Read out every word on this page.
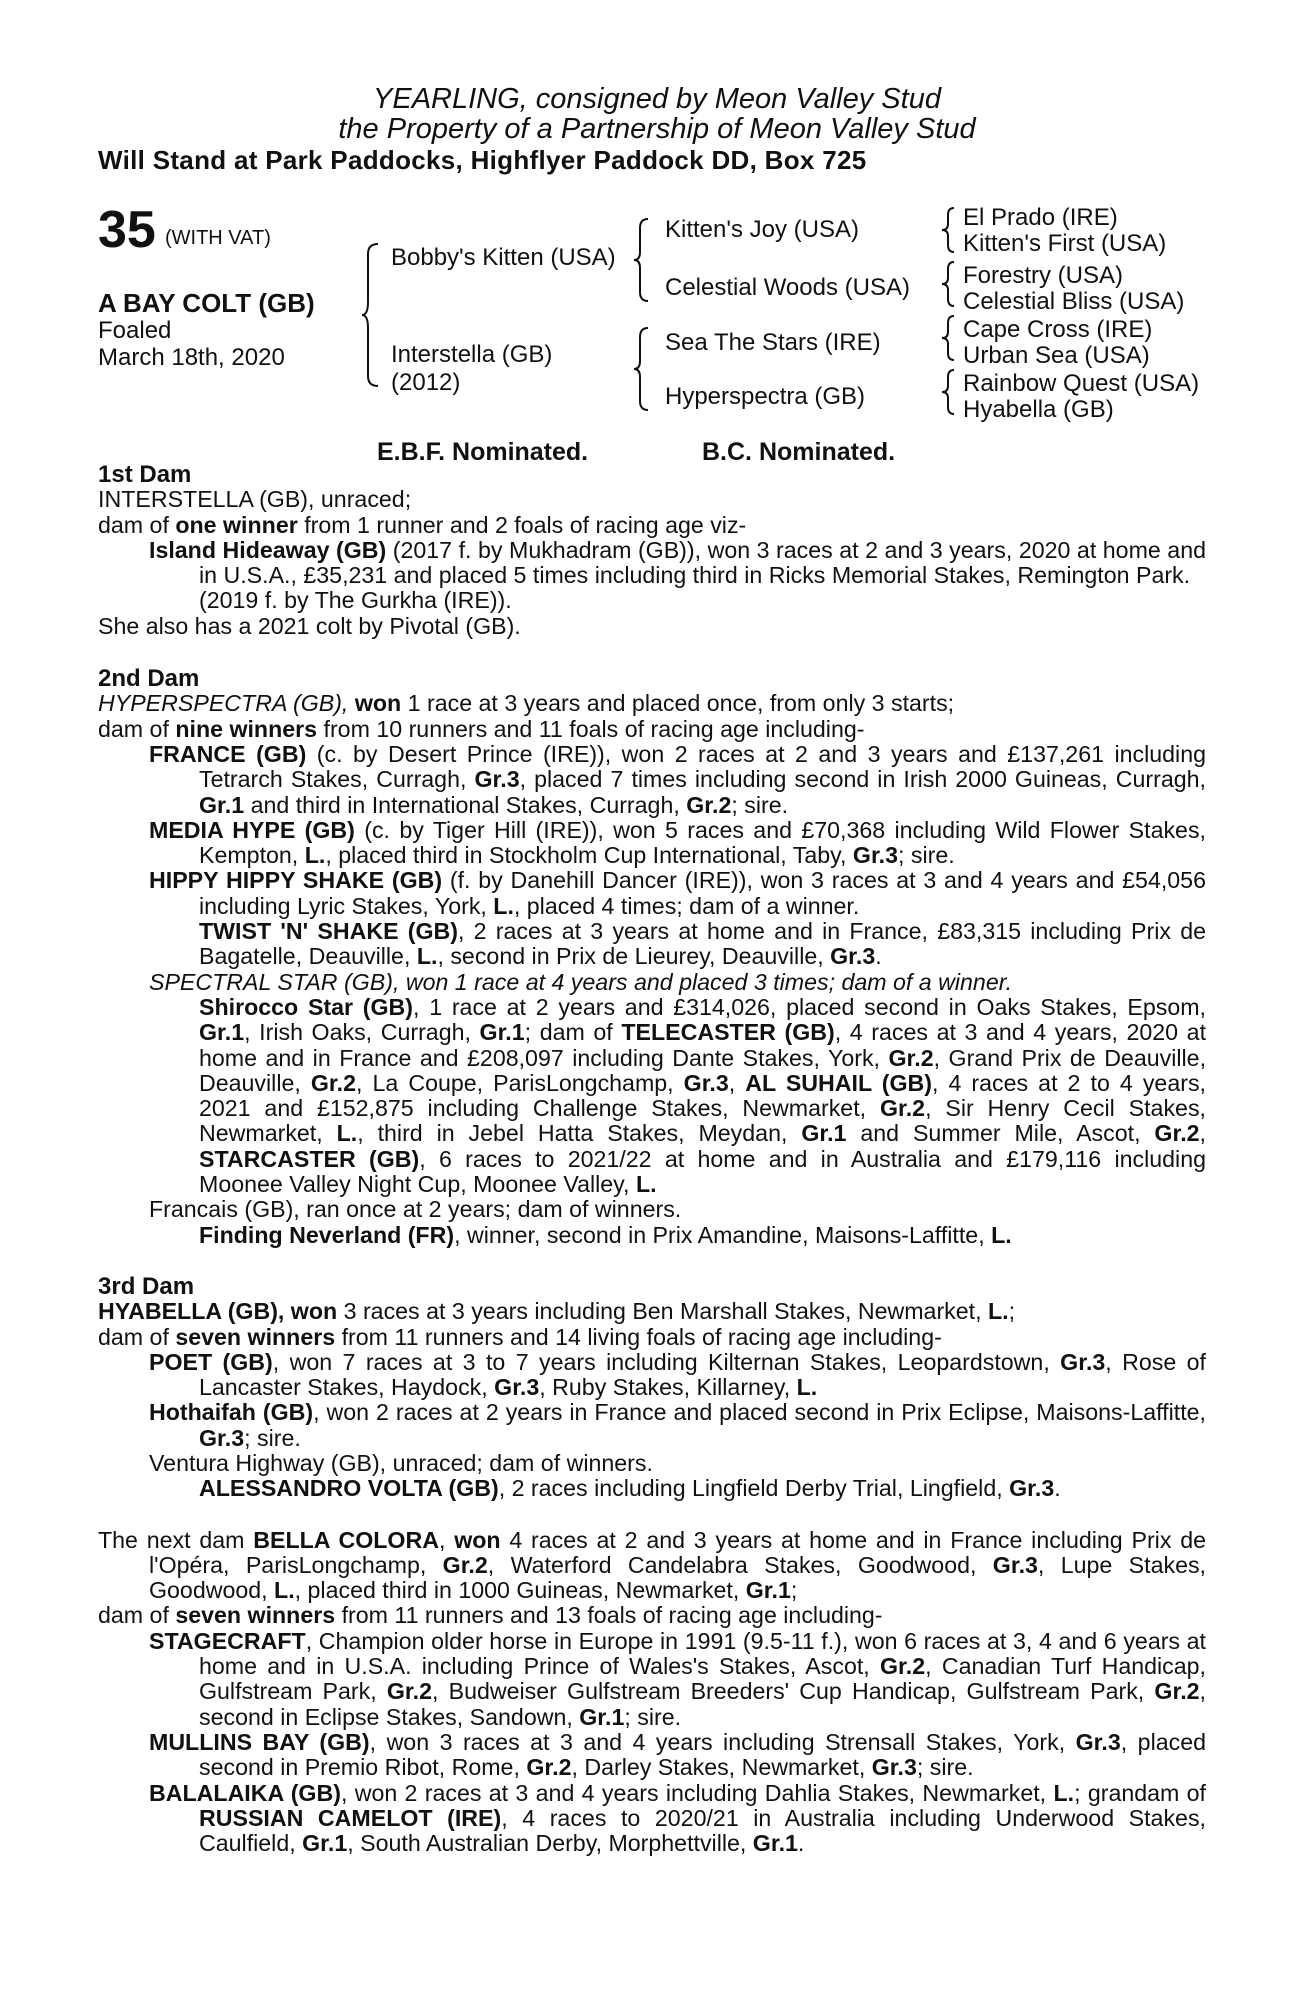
YEARLING, consigned by Meon Valley Stud
the Property of a Partnership of Meon Valley Stud
Will Stand at Park Paddocks, Highflyer Paddock DD, Box 725
35 (WITH VAT)
A BAY COLT (GB)
Foaled
March 18th, 2020
Bobby's Kitten (USA)
Interstella (GB)
(2012)
Kitten's Joy (USA)
Celestial Woods (USA)
Sea The Stars (IRE)
Hyperspectra (GB)
El Prado (IRE)
Kitten's First (USA)
Forestry (USA)
Celestial Bliss (USA)
Cape Cross (IRE)
Urban Sea (USA)
Rainbow Quest (USA)
Hyabella (GB)
E.B.F. Nominated.	B.C. Nominated.

1st Dam

INTERSTELLA (GB), unraced;

dam of one winner from 1 runner and 2 foals of racing age viz-

Island Hideaway (GB) (2017 f. by Mukhadram (GB)), won 3 races at 2 and 3 years, 2020 at home and in U.S.A., £35,231 and placed 5 times including third in Ricks Memorial Stakes, Remington Park.

(2019 f. by The Gurkha (IRE)).

She also has a 2021 colt by Pivotal (GB).

2nd Dam

HYPERSPECTRA (GB), won 1 race at 3 years and placed once, from only 3 starts;

dam of nine winners from 10 runners and 11 foals of racing age including-

FRANCE (GB) (c. by Desert Prince (IRE)), won 2 races at 2 and 3 years and £137,261 including Tetrarch Stakes, Curragh, Gr.3, placed 7 times including second in Irish 2000 Guineas, Curragh, Gr.1 and third in International Stakes, Curragh, Gr.2; sire.

MEDIA HYPE (GB) (c. by Tiger Hill (IRE)), won 5 races and £70,368 including Wild Flower Stakes, Kempton, L., placed third in Stockholm Cup International, Taby, Gr.3; sire.

HIPPY HIPPY SHAKE (GB) (f. by Danehill Dancer (IRE)), won 3 races at 3 and 4 years and £54,056 including Lyric Stakes, York, L., placed 4 times; dam of a winner.

TWIST 'N' SHAKE (GB), 2 races at 3 years at home and in France, £83,315 including Prix de Bagatelle, Deauville, L., second in Prix de Lieurey, Deauville, Gr.3.

SPECTRAL STAR (GB), won 1 race at 4 years and placed 3 times; dam of a winner.

Shirocco Star (GB), 1 race at 2 years and £314,026, placed second in Oaks Stakes, Epsom, Gr.1, Irish Oaks, Curragh, Gr.1; dam of TELECASTER (GB), 4 races at 3 and 4 years, 2020 at home and in France and £208,097 including Dante Stakes, York, Gr.2, Grand Prix de Deauville, Deauville, Gr.2, La Coupe, ParisLongchamp, Gr.3, AL SUHAIL (GB), 4 races at 2 to 4 years, 2021 and £152,875 including Challenge Stakes, Newmarket, Gr.2, Sir Henry Cecil Stakes, Newmarket, L., third in Jebel Hatta Stakes, Meydan, Gr.1 and Summer Mile, Ascot, Gr.2, STARCASTER (GB), 6 races to 2021/22 at home and in Australia and £179,116 including Moonee Valley Night Cup, Moonee Valley, L.

Francais (GB), ran once at 2 years; dam of winners.

Finding Neverland (FR), winner, second in Prix Amandine, Maisons-Laffitte, L.

3rd Dam

HYABELLA (GB), won 3 races at 3 years including Ben Marshall Stakes, Newmarket, L.;

dam of seven winners from 11 runners and 14 living foals of racing age including-

POET (GB), won 7 races at 3 to 7 years including Kilternan Stakes, Leopardstown, Gr.3, Rose of Lancaster Stakes, Haydock, Gr.3, Ruby Stakes, Killarney, L.

Hothaifah (GB), won 2 races at 2 years in France and placed second in Prix Eclipse, Maisons-Laffitte, Gr.3; sire.

Ventura Highway (GB), unraced; dam of winners.

ALESSANDRO VOLTA (GB), 2 races including Lingfield Derby Trial, Lingfield, Gr.3.

The next dam BELLA COLORA, won 4 races at 2 and 3 years at home and in France including Prix de l'Opéra, ParisLongchamp, Gr.2, Waterford Candelabra Stakes, Goodwood, Gr.3, Lupe Stakes, Goodwood, L., placed third in 1000 Guineas, Newmarket, Gr.1;

dam of seven winners from 11 runners and 13 foals of racing age including-

STAGECRAFT, Champion older horse in Europe in 1991 (9.5-11 f.), won 6 races at 3, 4 and 6 years at home and in U.S.A. including Prince of Wales's Stakes, Ascot, Gr.2, Canadian Turf Handicap, Gulfstream Park, Gr.2, Budweiser Gulfstream Breeders' Cup Handicap, Gulfstream Park, Gr.2, second in Eclipse Stakes, Sandown, Gr.1; sire.

MULLINS BAY (GB), won 3 races at 3 and 4 years including Strensall Stakes, York, Gr.3, placed second in Premio Ribot, Rome, Gr.2, Darley Stakes, Newmarket, Gr.3; sire.

BALALAIKA (GB), won 2 races at 3 and 4 years including Dahlia Stakes, Newmarket, L.; grandam of RUSSIAN CAMELOT (IRE), 4 races to 2020/21 in Australia including Underwood Stakes, Caulfield, Gr.1, South Australian Derby, Morphettville, Gr.1.
